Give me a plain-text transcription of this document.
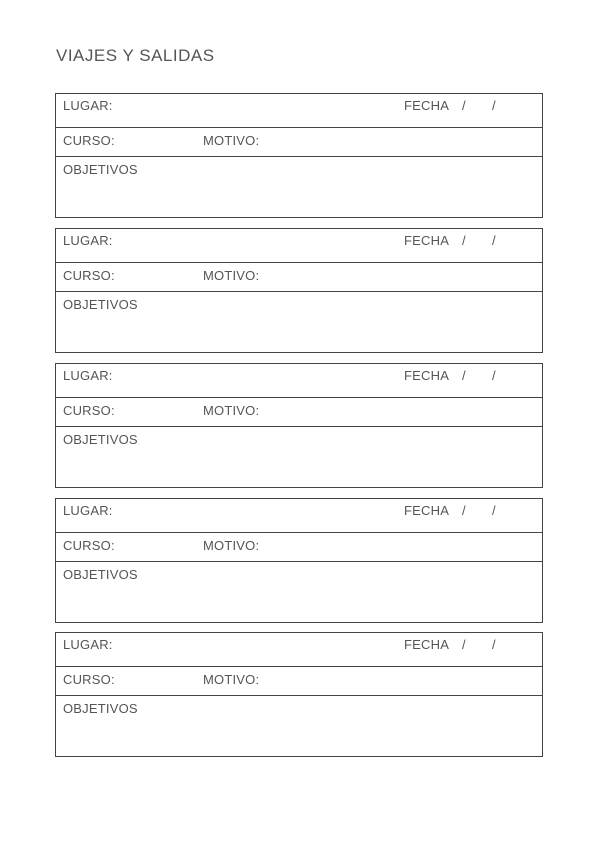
VIAJES Y SALIDAS
LUGAR:	FECHA / /
CURSO:	MOTIVO:
OBJETIVOS
LUGAR:	FECHA / /
CURSO:	MOTIVO:
OBJETIVOS
LUGAR:	FECHA / /
CURSO:	MOTIVO:
OBJETIVOS
LUGAR:	FECHA / /
CURSO:	MOTIVO:
OBJETIVOS
LUGAR:	FECHA / /
CURSO:	MOTIVO:
OBJETIVOS
